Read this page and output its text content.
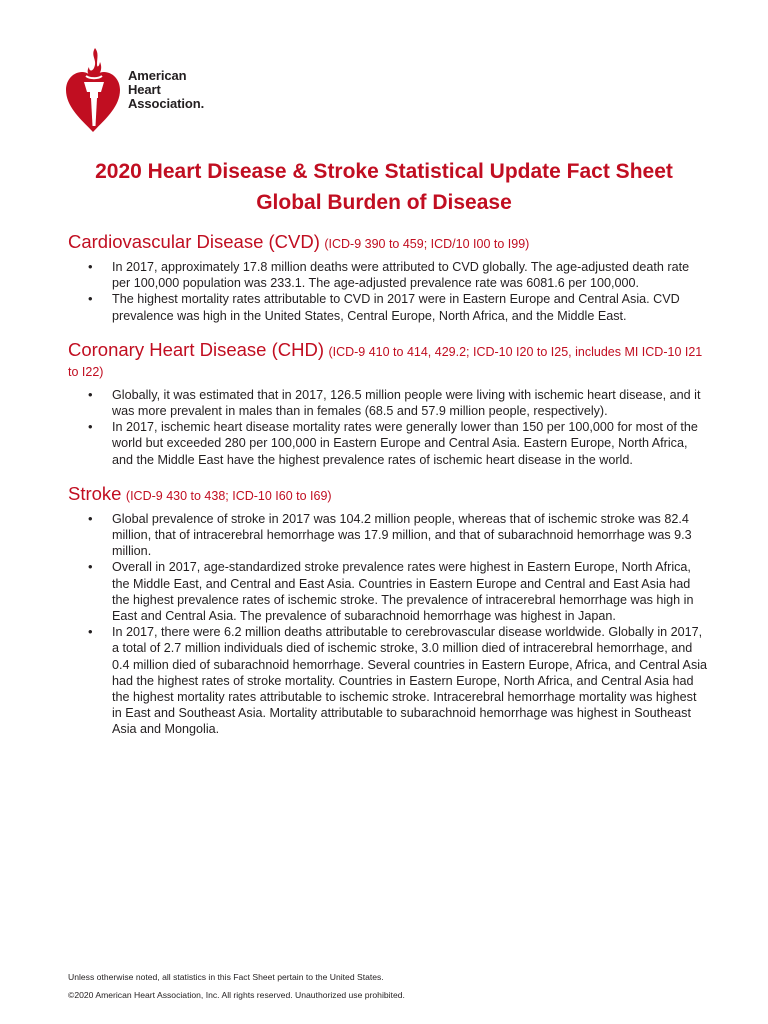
American
Heart
Association.
2020 Heart Disease & Stroke Statistical Update Fact Sheet
Global Burden of Disease
Cardiovascular Disease (CVD) (ICD-9 390 to 459; ICD/10 I00 to I99)
• In 2017, approximately 17.8 million deaths were attributed to CVD globally. The age-adjusted death rate per 100,000 population was 233.1. The age-adjusted prevalence rate was 6081.6 per 100,000.
• The highest mortality rates attributable to CVD in 2017 were in Eastern Europe and Central Asia. CVD prevalence was high in the United States, Central Europe, North Africa, and the Middle East.
Coronary Heart Disease (CHD) (ICD-9 410 to 414, 429.2; ICD-10 I20 to I25, includes MI ICD-10 I21 to I22)
• Globally, it was estimated that in 2017, 126.5 million people were living with ischemic heart disease, and it was more prevalent in males than in females (68.5 and 57.9 million people, respectively).
• In 2017, ischemic heart disease mortality rates were generally lower than 150 per 100,000 for most of the world but exceeded 280 per 100,000 in Eastern Europe and Central Asia. Eastern Europe, North Africa, and the Middle East have the highest prevalence rates of ischemic heart disease in the world.
Stroke (ICD-9 430 to 438; ICD-10 I60 to I69)
• Global prevalence of stroke in 2017 was 104.2 million people, whereas that of ischemic stroke was 82.4 million, that of intracerebral hemorrhage was 17.9 million, and that of subarachnoid hemorrhage was 9.3 million.
• Overall in 2017, age-standardized stroke prevalence rates were highest in Eastern Europe, North Africa, the Middle East, and Central and East Asia. Countries in Eastern Europe and Central and East Asia had the highest prevalence rates of ischemic stroke. The prevalence of intracerebral hemorrhage was high in East and Central Asia. The prevalence of subarachnoid hemorrhage was highest in Japan.
• In 2017, there were 6.2 million deaths attributable to cerebrovascular disease worldwide. Globally in 2017, a total of 2.7 million individuals died of ischemic stroke, 3.0 million died of intracerebral hemorrhage, and 0.4 million died of subarachnoid hemorrhage. Several countries in Eastern Europe, Africa, and Central Asia had the highest rates of stroke mortality. Countries in Eastern Europe, North Africa, and Central Asia had the highest mortality rates attributable to ischemic stroke. Intracerebral hemorrhage mortality was highest in East and Southeast Asia. Mortality attributable to subarachnoid hemorrhage was highest in Southeast Asia and Mongolia.
Unless otherwise noted, all statistics in this Fact Sheet pertain to the United States.
©2020 American Heart Association, Inc. All rights reserved. Unauthorized use prohibited.
